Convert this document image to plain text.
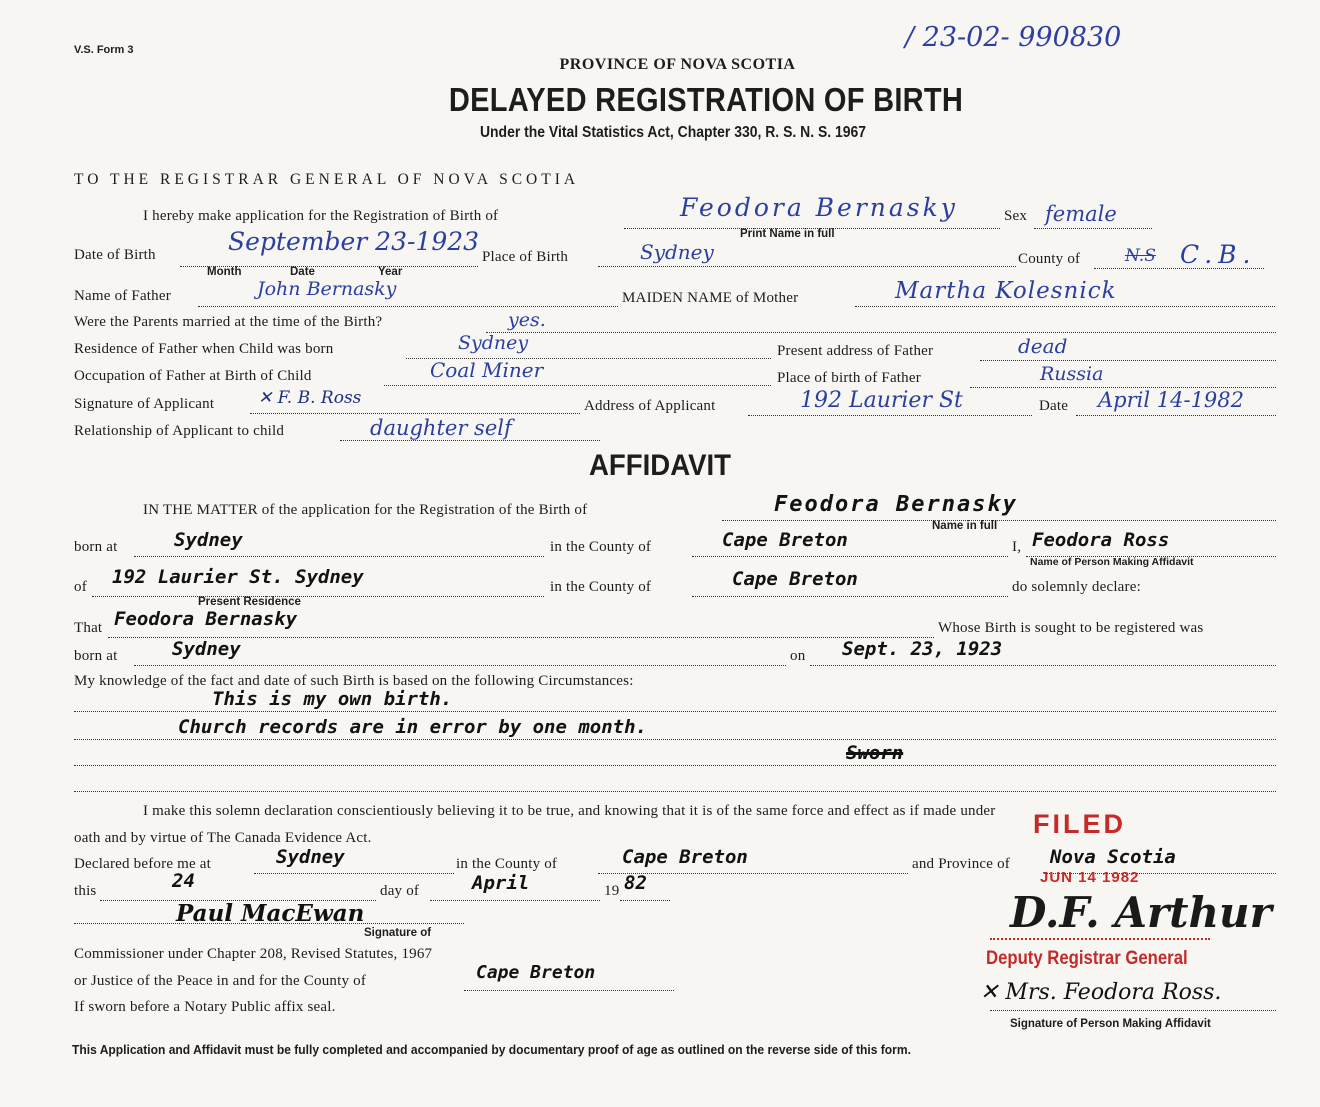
V.S. Form 3	/ 23-02- 990830
PROVINCE OF NOVA SCOTIA
DELAYED REGISTRATION OF BIRTH
Under the Vital Statistics Act, Chapter 330, R. S. N. S. 1967
TO THE REGISTRAR GENERAL OF NOVA SCOTIA
I hereby make application for the Registration of Birth of	Feodora Bernasky
Print Name in full
Sex female
Date of Birth	September 23-1923
Month	Date	Year
Place of Birth	Sydney	County of	N.S C.B.
Name of Father	John Bernasky	MAIDEN NAME of Mother	Martha Kolesnick
Were the Parents married at the time of the Birth?	yes.
Residence of Father when Child was born	Sydney	Present address of Father	dead
Occupation of Father at Birth of Child	Coal Miner	Place of birth of Father	Russia
Signature of Applicant	✕ F. B. Ross	Address of Applicant	192 Laurier St	Date April 14-1982
Relationship of Applicant to child	daughter self
AFFIDAVIT
IN THE MATTER of the application for the Registration of the Birth of	Feodora Bernasky
Name in full
born at	Sydney	in the County of	Cape Breton	I, Feodora Ross
Name of Person Making Affidavit
of 192 Laurier St. Sydney
Present Residence
in the County of	Cape Breton	do solemnly declare:
That Feodora Bernasky	Whose Birth is sought to be registered was
born at	Sydney	on Sept. 23, 1923
My knowledge of the fact and date of such Birth is based on the following Circumstances:
This is my own birth.
Church records are in error by one month.
Sworn
I make this solemn declaration conscientiously believing it to be true, and knowing that it is of the same force and effect as if made under
oath and by virtue of The Canada Evidence Act.
Declared before me at	Sydney	in the County of	Cape Breton	and Province of Nova Scotia
this	24	day of	April	19 82
Paul MacEwan
Signature of
Commissioner under Chapter 208, Revised Statutes, 1967
or Justice of the Peace in and for the County of	Cape Breton
If sworn before a Notary Public affix seal.
FILED
JUN 14 1982
D.F. Arthur
Deputy Registrar General
✕ Mrs. Feodora Ross.
Signature of Person Making Affidavit
This Application and Affidavit must be fully completed and accompanied by documentary proof of age as outlined on the reverse side of this form.
